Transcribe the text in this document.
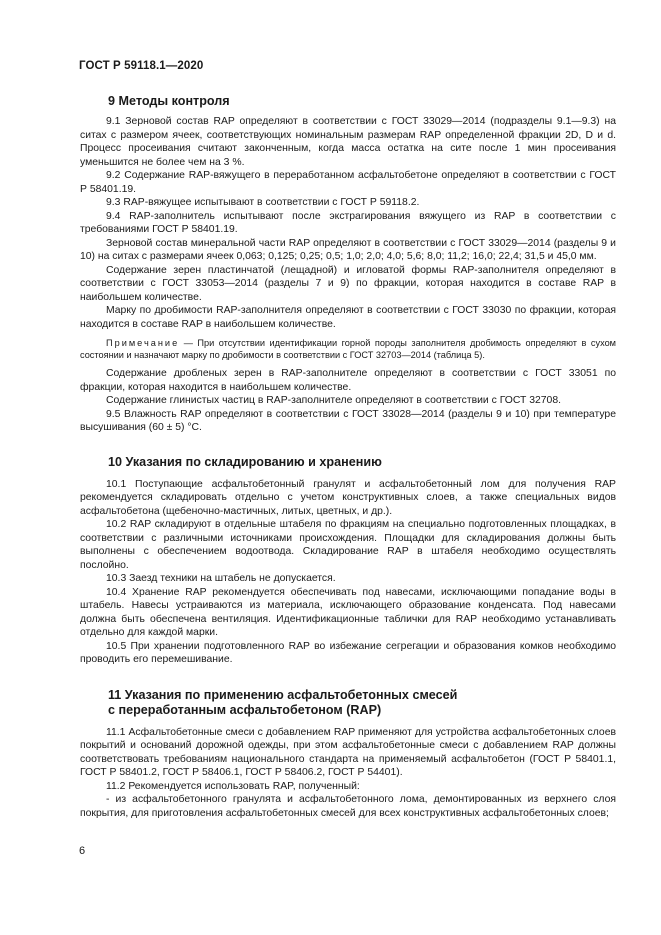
ГОСТ Р 59118.1—2020
9 Методы контроля

9.1 Зерновой состав RAP определяют в соответствии с ГОСТ 33029—2014 (подразделы 9.1—9.3) на ситах с размером ячеек, соответствующих номинальным размерам RAP определенной фракции 2D, D и d. Процесс просеивания считают законченным, когда масса остатка на сите после 1 мин просеивания уменьшится не более чем на 3 %.

9.2 Содержание RAP-вяжущего в переработанном асфальтобетоне определяют в соответствии с ГОСТ Р 58401.19.

9.3 RAP-вяжущее испытывают в соответствии с ГОСТ Р 59118.2.

9.4 RAP-заполнитель испытывают после экстрагирования вяжущего из RAP в соответствии с требованиями ГОСТ Р 58401.19.

Зерновой состав минеральной части RAP определяют в соответствии с ГОСТ 33029—2014 (разделы 9 и 10) на ситах с размерами ячеек 0,063; 0,125; 0,25; 0,5; 1,0; 2,0; 4,0; 5,6; 8,0; 11,2; 16,0; 22,4; 31,5 и 45,0 мм.

Содержание зерен пластинчатой (лещадной) и игловатой формы RAP-заполнителя определяют в соответствии с ГОСТ 33053—2014 (разделы 7 и 9) по фракции, которая находится в составе RAP в наибольшем количестве.

Марку по дробимости RAP-заполнителя определяют в соответствии с ГОСТ 33030 по фракции, которая находится в составе RAP в наибольшем количестве.

Примечание — При отсутствии идентификации горной породы заполнителя дробимость определяют в сухом состоянии и назначают марку по дробимости в соответствии с ГОСТ 32703—2014 (таблица 5).

Содержание дробленых зерен в RAP-заполнителе определяют в соответствии с ГОСТ 33051 по фракции, которая находится в наибольшем количестве.

Содержание глинистых частиц в RAP-заполнителе определяют в соответствии с ГОСТ 32708.

9.5 Влажность RAP определяют в соответствии с ГОСТ 33028—2014 (разделы 9 и 10) при температуре высушивания (60 ± 5) °С.

10 Указания по складированию и хранению

10.1 Поступающие асфальтобетонный гранулят и асфальтобетонный лом для получения RAP рекомендуется складировать отдельно с учетом конструктивных слоев, а также специальных видов асфальтобетона (щебеночно-мастичных, литых, цветных, и др.).

10.2 RAP складируют в отдельные штабеля по фракциям на специально подготовленных площадках, в соответствии с различными источниками происхождения. Площадки для складирования должны быть выполнены с обеспечением водоотвода. Складирование RAP в штабеля необходимо осуществлять послойно.

10.3 Заезд техники на штабель не допускается.

10.4 Хранение RAP рекомендуется обеспечивать под навесами, исключающими попадание воды в штабель. Навесы устраиваются из материала, исключающего образование конденсата. Под навесами должна быть обеспечена вентиляция. Идентификационные таблички для RAP необходимо устанавливать отдельно для каждой марки.

10.5 При хранении подготовленного RAP во избежание сегрегации и образования комков необходимо проводить его перемешивание.

11 Указания по применению асфальтобетонных смесей
с переработанным асфальтобетоном (RAP)

11.1 Асфальтобетонные смеси с добавлением RAP применяют для устройства асфальтобетонных слоев покрытий и оснований дорожной одежды, при этом асфальтобетонные смеси с добавлением RAP должны соответствовать требованиям национального стандарта на применяемый асфальтобетон (ГОСТ Р 58401.1, ГОСТ Р 58401.2, ГОСТ Р 58406.1, ГОСТ Р 58406.2, ГОСТ Р 54401).

11.2 Рекомендуется использовать RAP, полученный:

- из асфальтобетонного гранулята и асфальтобетонного лома, демонтированных из верхнего слоя покрытия, для приготовления асфальтобетонных смесей для всех конструктивных асфальтобетонных слоев;

6
